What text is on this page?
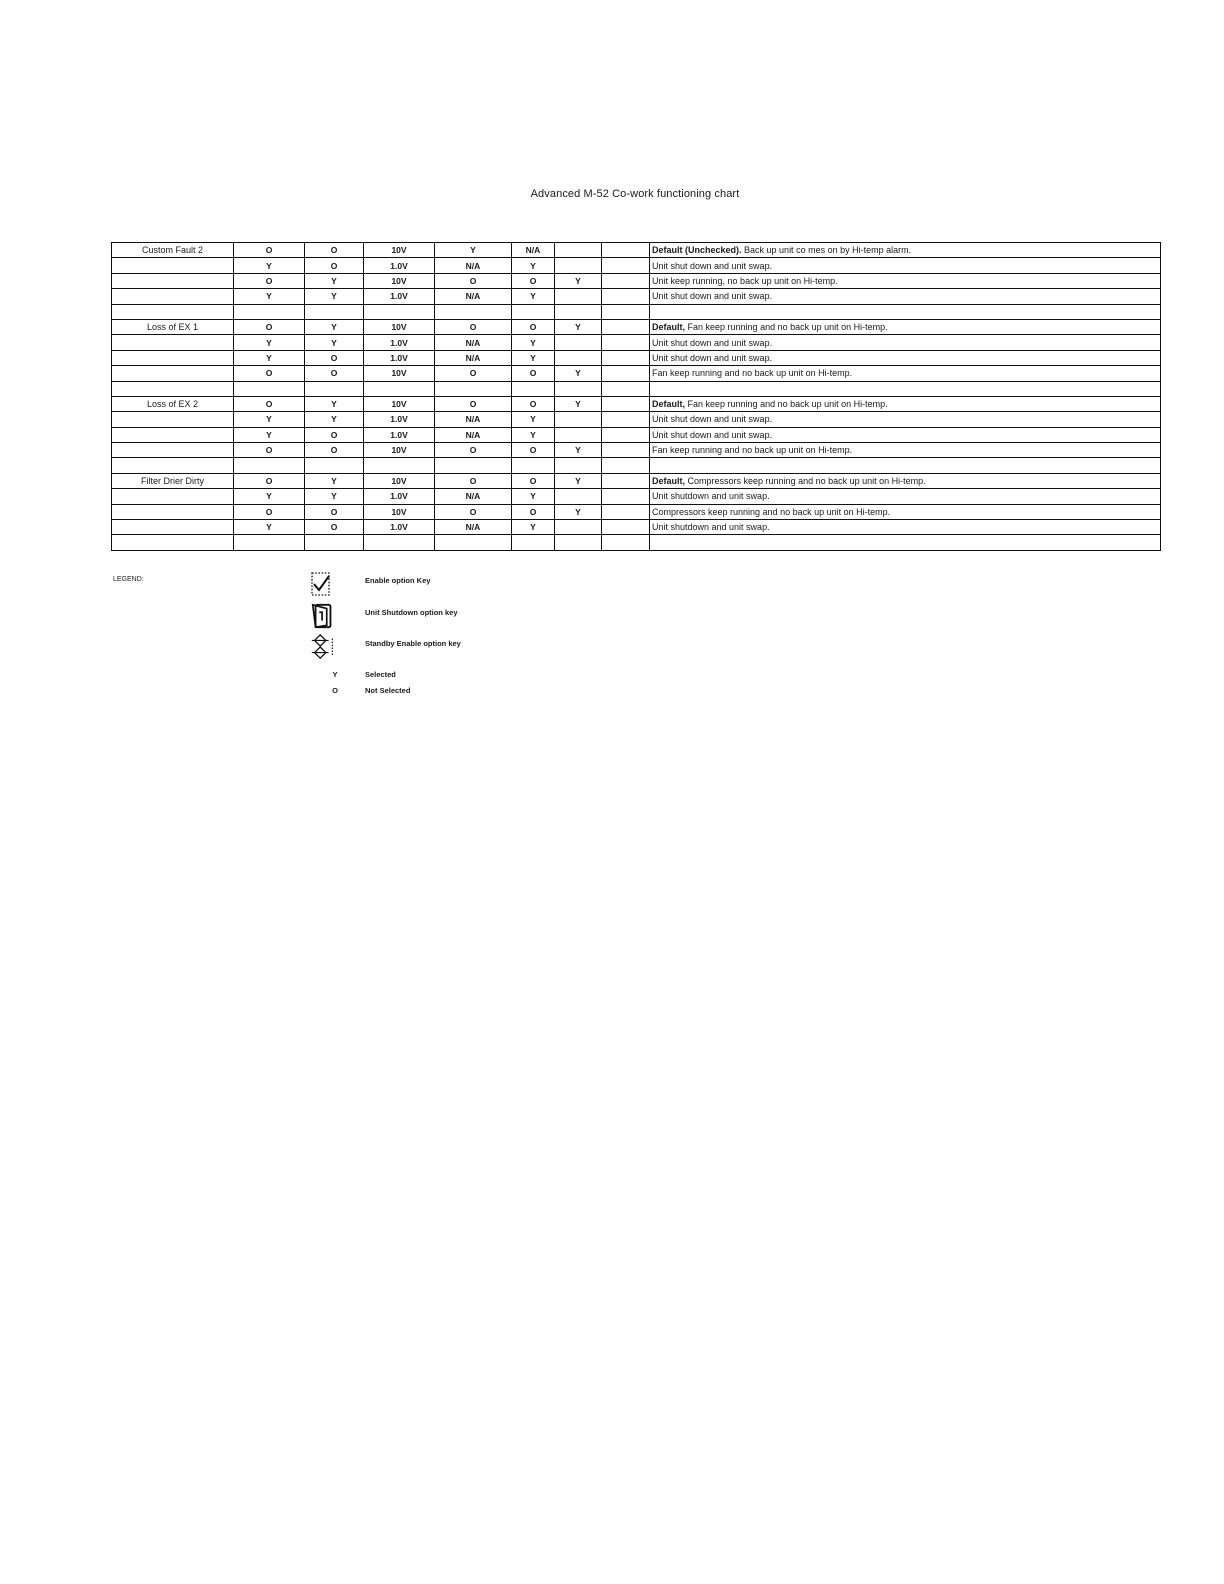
Advanced M-52 Co-work functioning chart
Custom Fault 2	O	O	10V	Y	N/A			Default (Unchecked). Back up unit co mes on by Hi-temp alarm.
	Y	O	1.0V	N/A	Y			Unit shut down and unit swap.
	O	Y	10V	O	O	Y		Unit keep running, no back up unit on Hi-temp.
	Y	Y	1.0V	N/A	Y			Unit shut down and unit swap.

Loss of EX 1	O	Y	10V	O	O	Y		Default, Fan keep running and no back up unit on Hi-temp.
	Y	Y	1.0V	N/A	Y			Unit shut down and unit swap.
	Y	O	1.0V	N/A	Y			Unit shut down and unit swap.
	O	O	10V	O	O	Y		Fan keep running and no back up unit on Hi-temp.

Loss of EX 2	O	Y	10V	O	O	Y		Default, Fan keep running and no back up unit on Hi-temp.
	Y	Y	1.0V	N/A	Y			Unit shut down and unit swap.
	Y	O	1.0V	N/A	Y			Unit shut down and unit swap.
	O	O	10V	O	O	Y		Fan keep running and no back up unit on Hi-temp.

Filter Drier Dirty	O	Y	10V	O	O	Y		Default, Compressors keep running and no back up unit on Hi-temp.
	Y	Y	1.0V	N/A	Y			Unit shutdown and unit swap.
	O	O	10V	O	O	Y		Compressors keep running and no back up unit on Hi-temp.
	Y	O	1.0V	N/A	Y			Unit shutdown and unit swap.

LEGEND:	Enable option Key
Unit Shutdown option key
Standby Enable option key
Y	Selected
O	Not Selected
